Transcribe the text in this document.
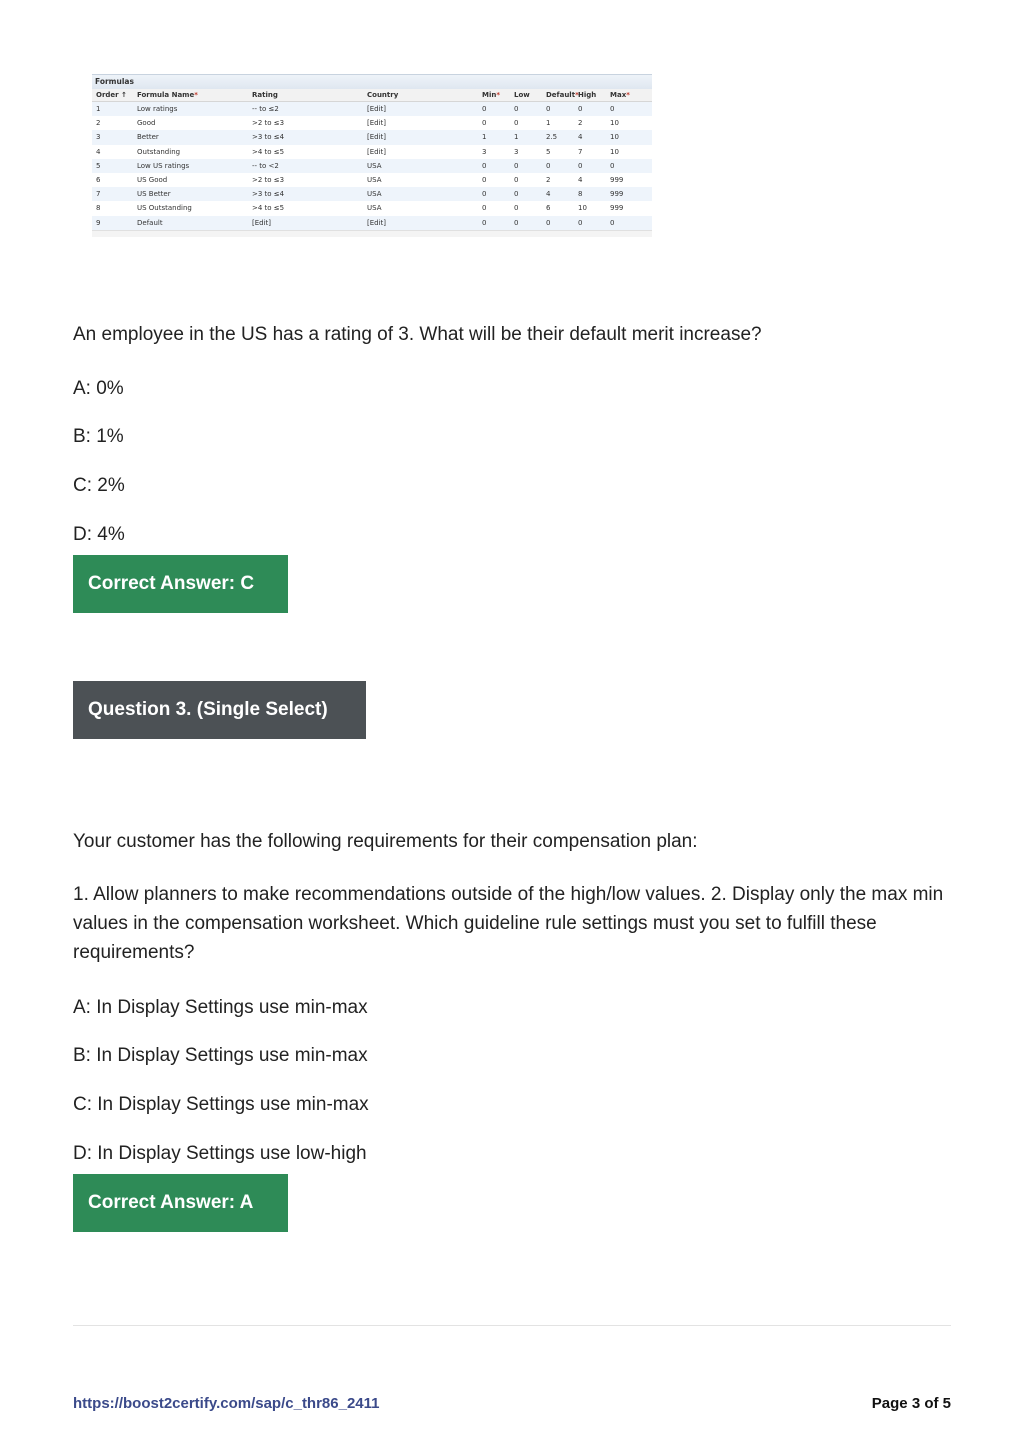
Formulas
Order ↑	Formula Name*	Rating	Country	Min*	Low	Default*	High	Max*
1	Low ratings	-- to ≤2	[Edit]	0	0	0	0	0
2	Good	>2 to ≤3	[Edit]	0	0	1	2	10
3	Better	>3 to ≤4	[Edit]	1	1	2.5	4	10
4	Outstanding	>4 to ≤5	[Edit]	3	3	5	7	10
5	Low US ratings	-- to <2	USA	0	0	0	0	0
6	US Good	>2 to ≤3	USA	0	0	2	4	999
7	US Better	>3 to ≤4	USA	0	0	4	8	999
8	US Outstanding	>4 to ≤5	USA	0	0	6	10	999
9	Default	[Edit]	[Edit]	0	0	0	0	0
An employee in the US has a rating of 3. What will be their default merit increase?
A: 0%
B: 1%
C: 2%
D: 4%
Correct Answer: C
Question 3. (Single Select)
Your customer has the following requirements for their compensation plan:
1. Allow planners to make recommendations outside of the high/low values. 2. Display only the max min values in the compensation worksheet. Which guideline rule settings must you set to fulfill these requirements?
A: In Display Settings use min-max
B: In Display Settings use min-max
C: In Display Settings use min-max
D: In Display Settings use low-high
Correct Answer: A
https://boost2certify.com/sap/c_thr86_2411	Page 3 of 5
